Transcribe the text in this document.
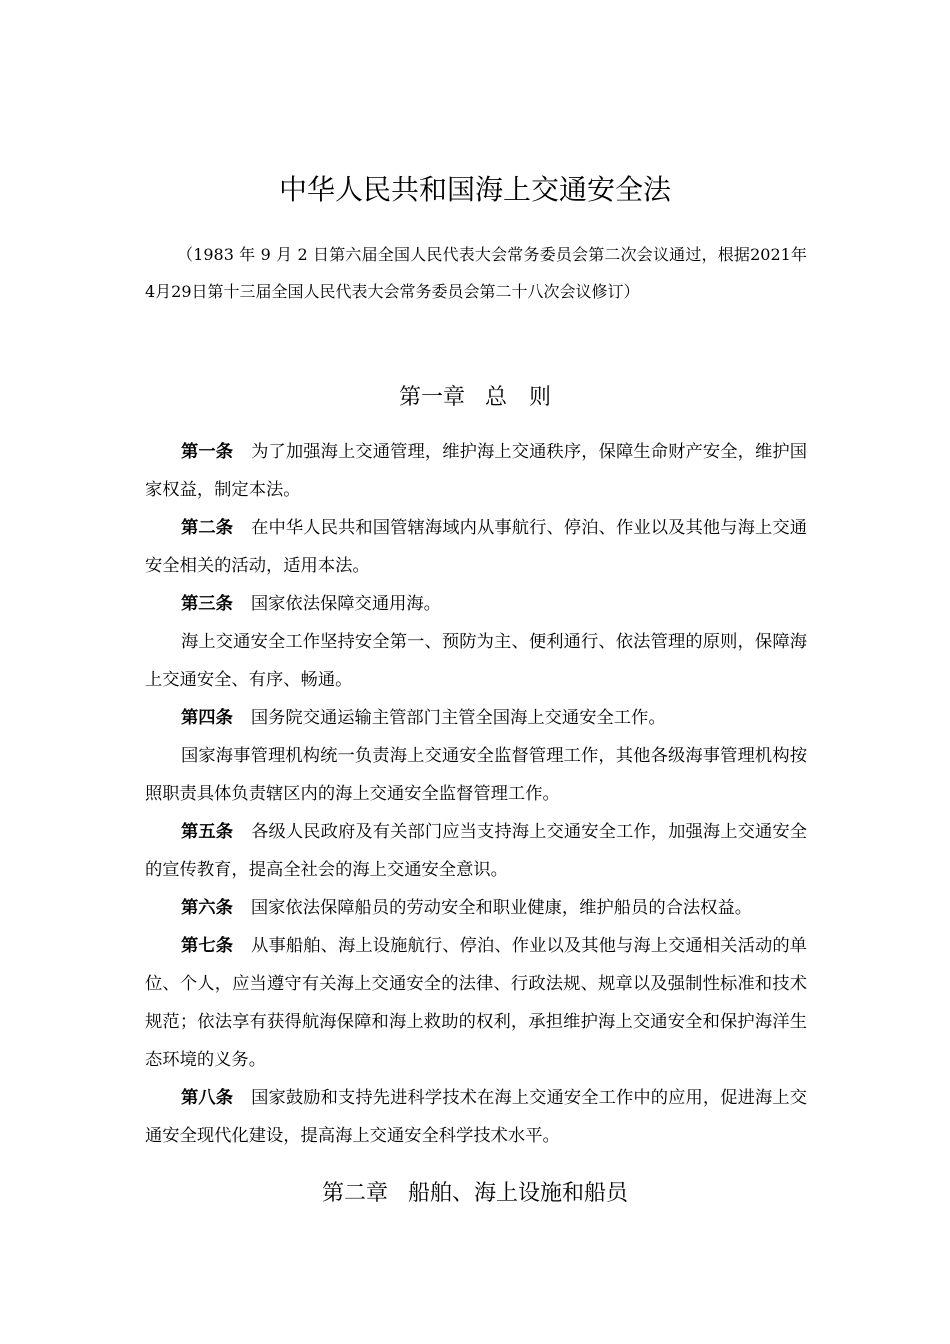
中华人民共和国海上交通安全法

（1983 年 9 月 2 日第六届全国人民代表大会常务委员会第二次会议通过，根据2021年4月29日第十三届全国人民代表大会常务委员会第二十八次会议修订）

第一章 总　则

第一条 为了加强海上交通管理，维护海上交通秩序，保障生命财产安全，维护国家权益，制定本法。

第二条 在中华人民共和国管辖海域内从事航行、停泊、作业以及其他与海上交通安全相关的活动，适用本法。

第三条 国家依法保障交通用海。

海上交通安全工作坚持安全第一、预防为主、便利通行、依法管理的原则，保障海上交通安全、有序、畅通。

第四条 国务院交通运输主管部门主管全国海上交通安全工作。

国家海事管理机构统一负责海上交通安全监督管理工作，其他各级海事管理机构按照职责具体负责辖区内的海上交通安全监督管理工作。

第五条 各级人民政府及有关部门应当支持海上交通安全工作，加强海上交通安全的宣传教育，提高全社会的海上交通安全意识。

第六条 国家依法保障船员的劳动安全和职业健康，维护船员的合法权益。

第七条 从事船舶、海上设施航行、停泊、作业以及其他与海上交通相关活动的单位、个人，应当遵守有关海上交通安全的法律、行政法规、规章以及强制性标准和技术规范；依法享有获得航海保障和海上救助的权利，承担维护海上交通安全和保护海洋生态环境的义务。

第八条 国家鼓励和支持先进科学技术在海上交通安全工作中的应用，促进海上交通安全现代化建设，提高海上交通安全科学技术水平。

第二章 船舶、海上设施和船员
